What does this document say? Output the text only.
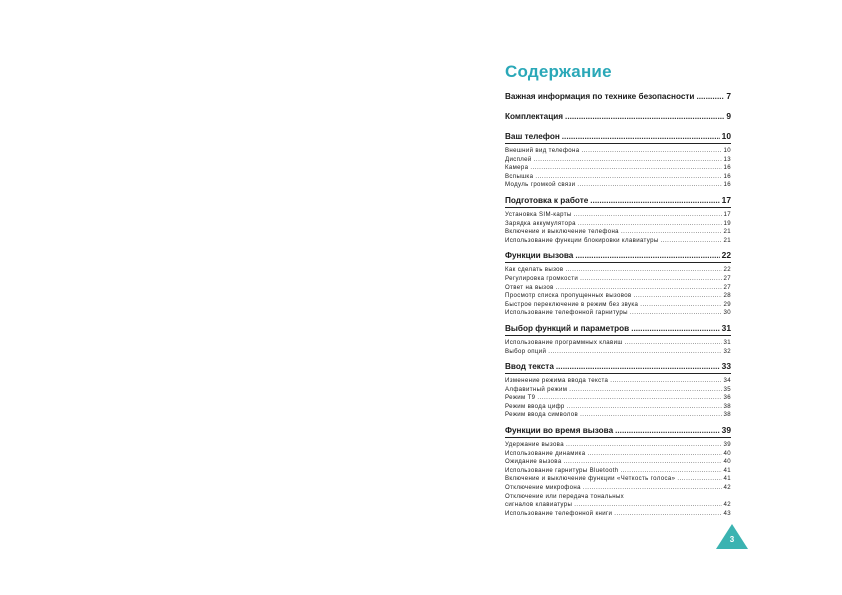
Содержание
Важная информация по технике безопасности .....	7
Комплектация .....	9
Ваш телефон .....	10
Внешний вид телефона .....	10
Дисплей .....	13
Камера .....	16
Вспышка .....	16
Модуль громкой связи .....	16
Подготовка к работе .....	17
Установка SIM-карты .....	17
Зарядка аккумулятора .....	19
Включение и выключение телефона .....	21
Использование функции блокировки клавиатуры .....	21
Функции вызова .....	22
Как сделать вызов .....	22
Регулировка громкости .....	27
Ответ на вызов .....	27
Просмотр списка пропущенных вызовов .....	28
Быстрое переключение в режим без звука .....	29
Использование телефонной гарнитуры .....	30
Выбор функций и параметров .....	31
Использование программных клавиш .....	31
Выбор опций .....	32
Ввод текста .....	33
Изменение режима ввода текста .....	34
Алфавитный режим .....	35
Режим T9 .....	36
Режим ввода цифр .....	38
Режим ввода символов .....	38
Функции во время вызова .....	39
Удержание вызова .....	39
Использование динамика .....	40
Ожидание вызова .....	40
Использование гарнитуры Bluetooth .....	41
Включение и выключение функции «Четкость голоса» .....	41
Отключение микрофона .....	42
Отключение или передача тональных
сигналов клавиатуры .....	42
Использование телефонной книги .....	43
3
